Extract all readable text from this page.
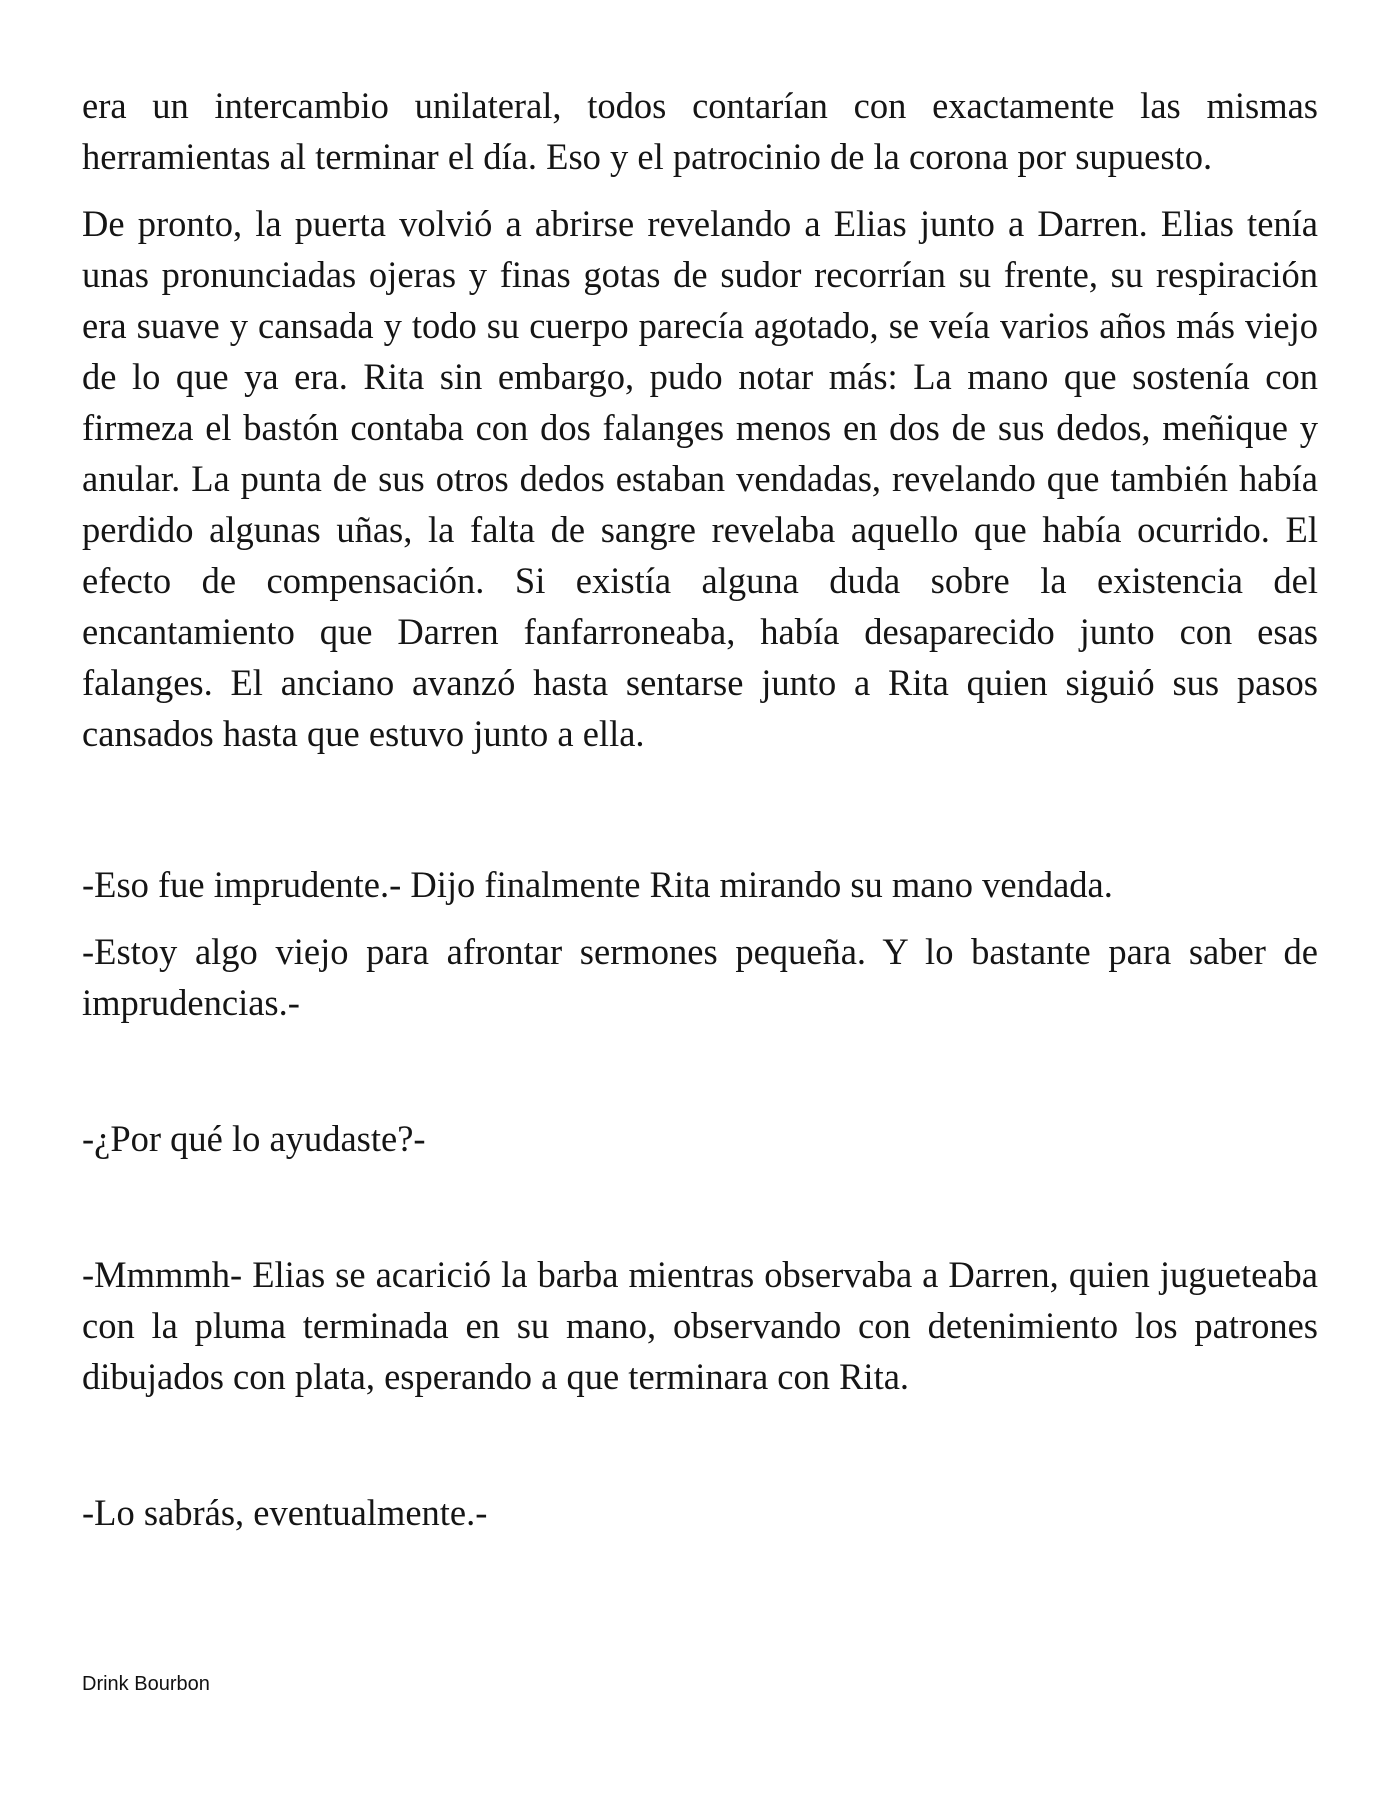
era un intercambio unilateral, todos contarían con exactamente las mismas herramientas al terminar el día. Eso y el patrocinio de la corona por supuesto.

De pronto, la puerta volvió a abrirse revelando a Elias junto a Darren. Elias tenía unas pronunciadas ojeras y finas gotas de sudor recorrían su frente, su respiración era suave y cansada y todo su cuerpo parecía agotado, se veía varios años más viejo de lo que ya era. Rita sin embargo, pudo notar más: La mano que sostenía con firmeza el bastón contaba con dos falanges menos en dos de sus dedos, meñique y anular. La punta de sus otros dedos estaban vendadas, revelando que también había perdido algunas uñas, la falta de sangre revelaba aquello que había ocurrido. El efecto de compensación. Si existía alguna duda sobre la existencia del encantamiento que Darren fanfarroneaba, había desaparecido junto con esas falanges. El anciano avanzó hasta sentarse junto a Rita quien siguió sus pasos cansados hasta que estuvo junto a ella.

-Eso fue imprudente.- Dijo finalmente Rita mirando su mano vendada.

-Estoy algo viejo para afrontar sermones pequeña. Y lo bastante para saber de imprudencias.-

-¿Por qué lo ayudaste?-

-Mmmmh- Elias se acarició la barba mientras observaba a Darren, quien jugueteaba con la pluma terminada en su mano, observando con detenimiento los patrones dibujados con plata, esperando a que terminara con Rita.

-Lo sabrás, eventualmente.-

Drink Bourbon
